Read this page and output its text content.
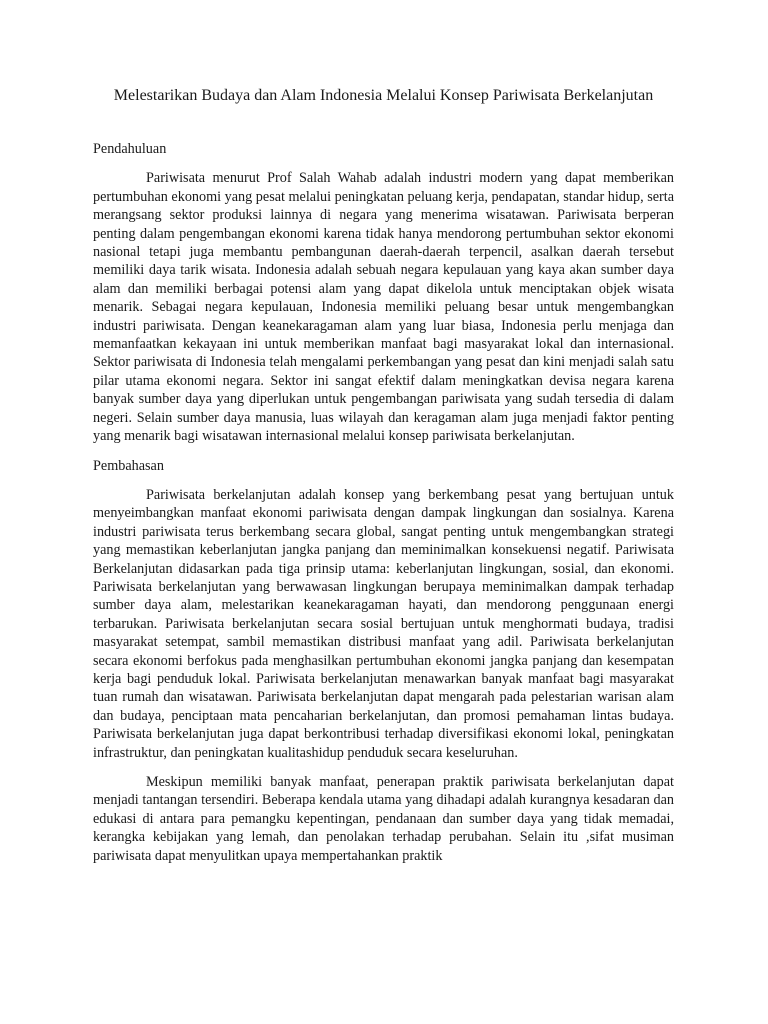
Melestarikan Budaya dan Alam Indonesia Melalui Konsep Pariwisata Berkelanjutan
Pendahuluan

Pariwisata menurut Prof Salah Wahab adalah industri modern yang dapat memberikan pertumbuhan ekonomi yang pesat melalui peningkatan peluang kerja, pendapatan, standar hidup, serta merangsang sektor produksi lainnya di negara yang menerima wisatawan. Pariwisata berperan penting dalam pengembangan ekonomi karena tidak hanya mendorong pertumbuhan sektor ekonomi nasional tetapi juga membantu pembangunan daerah-daerah terpencil, asalkan daerah tersebut memiliki daya tarik wisata. Indonesia adalah sebuah negara kepulauan yang kaya akan sumber daya alam dan memiliki berbagai potensi alam yang dapat dikelola untuk menciptakan objek wisata menarik. Sebagai negara kepulauan, Indonesia memiliki peluang besar untuk mengembangkan industri pariwisata. Dengan keanekaragaman alam yang luar biasa, Indonesia perlu menjaga dan memanfaatkan kekayaan ini untuk memberikan manfaat bagi masyarakat lokal dan internasional. Sektor pariwisata di Indonesia telah mengalami perkembangan yang pesat dan kini menjadi salah satu pilar utama ekonomi negara. Sektor ini sangat efektif dalam meningkatkan devisa negara karena banyak sumber daya yang diperlukan untuk pengembangan pariwisata yang sudah tersedia di dalam negeri. Selain sumber daya manusia, luas wilayah dan keragaman alam juga menjadi faktor penting yang menarik bagi wisatawan internasional melalui konsep pariwisata berkelanjutan.

Pembahasan

Pariwisata berkelanjutan adalah konsep yang berkembang pesat yang bertujuan untuk menyeimbangkan manfaat ekonomi pariwisata dengan dampak lingkungan dan sosialnya. Karena industri pariwisata terus berkembang secara global, sangat penting untuk mengembangkan strategi yang memastikan keberlanjutan jangka panjang dan meminimalkan konsekuensi negatif. Pariwisata Berkelanjutan didasarkan pada tiga prinsip utama: keberlanjutan lingkungan, sosial, dan ekonomi. Pariwisata berkelanjutan yang berwawasan lingkungan berupaya meminimalkan dampak terhadap sumber daya alam, melestarikan keanekaragaman hayati, dan mendorong penggunaan energi terbarukan. Pariwisata berkelanjutan secara sosial bertujuan untuk menghormati budaya, tradisi masyarakat setempat, sambil memastikan distribusi manfaat yang adil. Pariwisata berkelanjutan secara ekonomi berfokus pada menghasilkan pertumbuhan ekonomi jangka panjang dan kesempatan kerja bagi penduduk lokal. Pariwisata berkelanjutan menawarkan banyak manfaat bagi masyarakat tuan rumah dan wisatawan. Pariwisata berkelanjutan dapat mengarah pada pelestarian warisan alam dan budaya, penciptaan mata pencaharian berkelanjutan, dan promosi pemahaman lintas budaya. Pariwisata berkelanjutan juga dapat berkontribusi terhadap diversifikasi ekonomi lokal, peningkatan infrastruktur, dan peningkatan kualitashidup penduduk secara keseluruhan.

Meskipun memiliki banyak manfaat, penerapan praktik pariwisata berkelanjutan dapat menjadi tantangan tersendiri. Beberapa kendala utama yang dihadapi adalah kurangnya kesadaran dan edukasi di antara para pemangku kepentingan, pendanaan dan sumber daya yang tidak memadai, kerangka kebijakan yang lemah, dan penolakan terhadap perubahan. Selain itu ,sifat musiman pariwisata dapat menyulitkan upaya mempertahankan praktik
